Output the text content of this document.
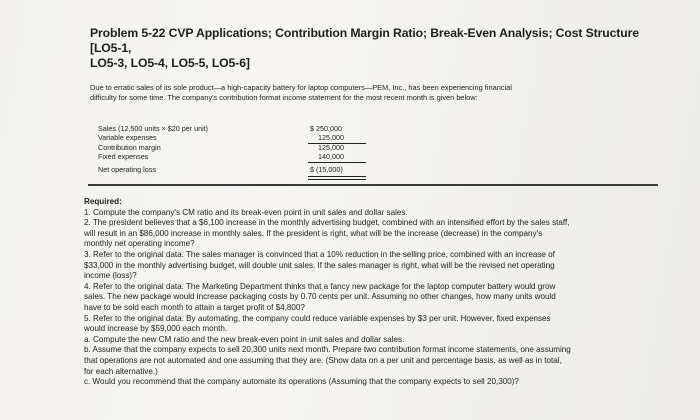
Problem 5-22 CVP Applications; Contribution Margin Ratio; Break-Even Analysis; Cost Structure [LO5-1,
LO5-3, LO5-4, LO5-5, LO5-6]
Due to erratic sales of its sole product—a high-capacity battery for laptop computers—PEM, Inc., has been experiencing financial
difficulty for some time. The company's contribution format income statement for the most recent month is given below:
Sales (12,500 units × $20 per unit)	$ 250,000
Variable expenses	125,000
Contribution margin	125,000
Fixed expenses	140,000
Net operating loss	$ (15,000)
Required:
1. Compute the company's CM ratio and its break-even point in unit sales and dollar sales.
2. The president believes that a $6,100 increase in the monthly advertising budget, combined with an intensified effort by the sales staff,
will result in an $86,000 increase in monthly sales. If the president is right, what will be the increase (decrease) in the company's
monthly net operating income?
3. Refer to the original data. The sales manager is convinced that a 10% reduction in the selling price, combined with an increase of
$33,000 in the monthly advertising budget, will double unit sales. If the sales manager is right, what will be the revised net operating
income (loss)?
4. Refer to the original data. The Marketing Department thinks that a fancy new package for the laptop computer battery would grow
sales. The new package would increase packaging costs by 0.70 cents per unit. Assuming no other changes, how many units would
have to be sold each month to attain a target profit of $4,800?
5. Refer to the original data. By automating, the company could reduce variable expenses by $3 per unit. However, fixed expenses
would increase by $59,000 each month.
a. Compute the new CM ratio and the new break-even point in unit sales and dollar sales.
b. Assume that the company expects to sell 20,300 units next month. Prepare two contribution format income statements, one assuming
that operations are not automated and one assuming that they are. (Show data on a per unit and percentage basis, as well as in total,
for each alternative.)
c. Would you recommend that the company automate its operations (Assuming that the company expects to sell 20,300)?
